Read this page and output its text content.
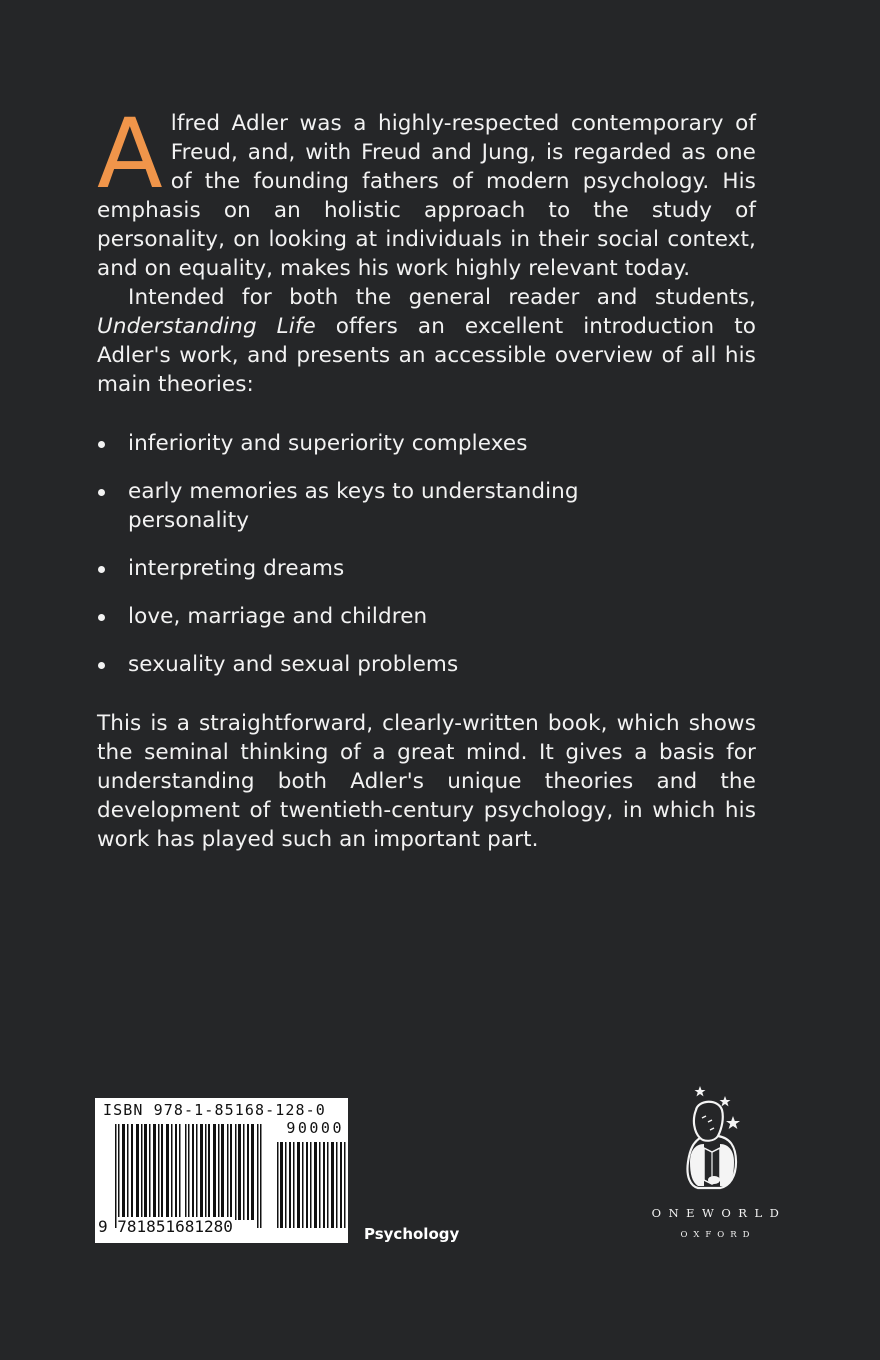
Alfred Adler was a highly-respected contemporary of Freud, and, with Freud and Jung, is regarded as one of the founding fathers of modern psychology. His emphasis on an holistic approach to the study of personality, on looking at individuals in their social context, and on equality, makes his work highly relevant today.

Intended for both the general reader and students, Understanding Life offers an excellent introduction to Adler's work, and presents an accessible overview of all his main theories:

inferiority and superiority complexes
early memories as keys to understanding personality
interpreting dreams
love, marriage and children
sexuality and sexual problems

This is a straightforward, clearly-written book, which shows the seminal thinking of a great mind. It gives a basis for understanding both Adler's unique theories and the development of twentieth-century psychology, in which his work has played such an important part.

ISBN 978-1-85168-128-0
90000
9 781851681280	Psychology
ONEWORLD
OXFORD
